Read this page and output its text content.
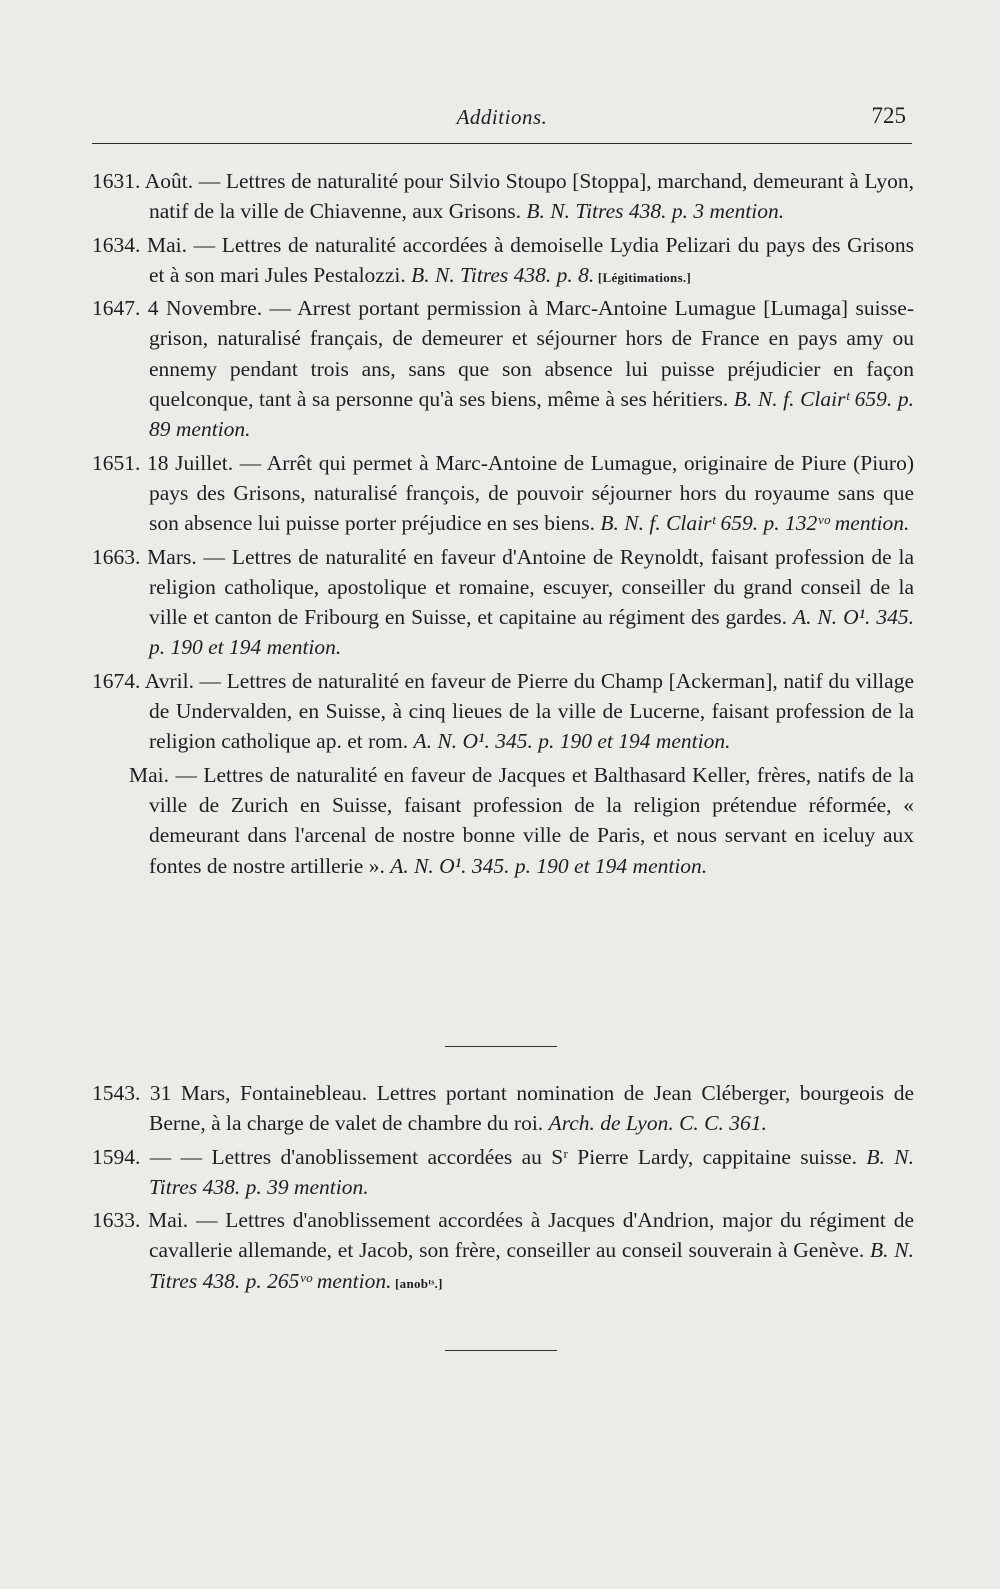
Additions.	725

1631. Août. — Lettres de naturalité pour Silvio Stoupo [Stoppa], marchand, demeurant à Lyon, natif de la ville de Chiavenne, aux Grisons. B. N. Titres 438. p. 3 mention.

1634. Mai. — Lettres de naturalité accordées à demoiselle Lydia Pelizari du pays des Grisons et à son mari Jules Pestalozzi. B. N. Titres 438. p. 8. [Légitimations.]

1647. 4 Novembre. — Arrest portant permission à Marc-Antoine Lumague [Lumaga] suisse-grison, naturalisé français, de demeurer et séjourner hors de France en pays amy ou ennemy pendant trois ans, sans que son absence lui puisse préjudicier en façon quelconque, tant à sa personne qu'à ses biens, même à ses héritiers. B. N. f. Clairᵗ 659. p. 89 mention.

1651. 18 Juillet. — Arrêt qui permet à Marc-Antoine de Lumague, originaire de Piure (Piuro) pays des Grisons, naturalisé françois, de pouvoir séjourner hors du royaume sans que son absence lui puisse porter préjudice en ses biens. B. N. f. Clairᵗ 659. p. 132ᵛᵒ mention.

1663. Mars. — Lettres de naturalité en faveur d'Antoine de Reynoldt, faisant profession de la religion catholique, apostolique et romaine, escuyer, conseiller du grand conseil de la ville et canton de Fribourg en Suisse, et capitaine au régiment des gardes. A. N. O¹. 345. p. 190 et 194 mention.

1674. Avril. — Lettres de naturalité en faveur de Pierre du Champ [Ackerman], natif du village de Undervalden, en Suisse, à cinq lieues de la ville de Lucerne, faisant profession de la religion catholique ap. et rom. A. N. O¹. 345. p. 190 et 194 mention.

Mai. — Lettres de naturalité en faveur de Jacques et Balthasard Keller, frères, natifs de la ville de Zurich en Suisse, faisant profession de la religion prétendue réformée, « demeurant dans l'arcenal de nostre bonne ville de Paris, et nous servant en iceluy aux fontes de nostre artillerie ». A. N. O¹. 345. p. 190 et 194 mention.

1543. 31 Mars, Fontainebleau. Lettres portant nomination de Jean Cléberger, bourgeois de Berne, à la charge de valet de chambre du roi. Arch. de Lyon. C. C. 361.

1594. — — Lettres d'anoblissement accordées au Sʳ Pierre Lardy, cappitaine suisse. B. N. Titres 438. p. 39 mention.

1633. Mai. — Lettres d'anoblissement accordées à Jacques d'Andrion, major du régiment de cavallerie allemande, et Jacob, son frère, conseiller au conseil souverain à Genève. B. N. Titres 438. p. 265ᵛᵒ mention. [anobᵗˢ.]
